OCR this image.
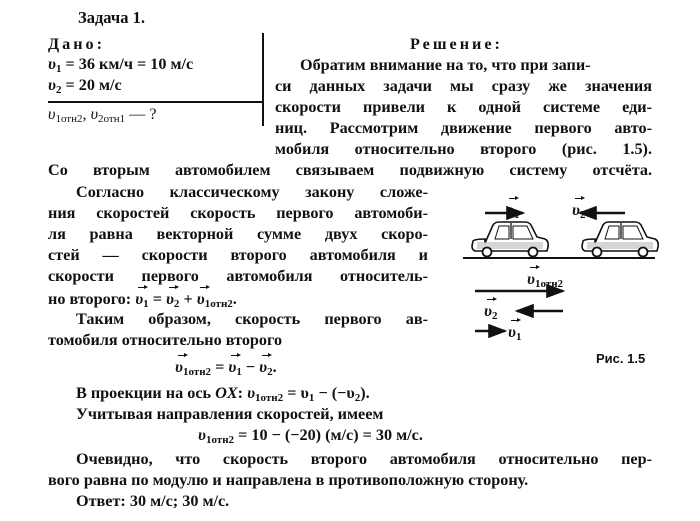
Задача 1.
Дано:
$\upsilon_1 = 36$ км/ч = 10 м/с
$\upsilon_2 = 20$ м/с
$\upsilon_{1отн2}$, $\upsilon_{2отн1}$ — ?
Решение:
Обратим внимание на то, что при запи-
си данных задачи мы сразу же значения
скорости привели к одной системе еди-
ниц. Рассмотрим движение первого авто-
мобиля относительно второго (рис. 1.5).
Со вторым автомобилем связываем подвижную систему отсчёта.
Согласно классическому закону сложе-
ния скоростей скорость первого автомоби-
ля равна векторной сумме двух скоро-
стей — скорости второго автомобиля и
скорости первого автомобиля относитель-
но второго: $\upsilon_1 = \upsilon_2 + \upsilon_{1отн2}$.
Таким образом, скорость первого ав-
томобиля относительно второго
$\upsilon_{1отн2} = \upsilon_1 - \upsilon_2$.
В проекции на ось OX: $\upsilon_{1отн2} = \upsilon_1 - (-\upsilon_2)$.
Учитывая направления скоростей, имеем
$\upsilon_{1отн2} = 10 - (-20) (м/с) = 30$ м/с.
Очевидно, что скорость второго автомобиля относительно пер-
вого равна по модулю и направлена в противоположную сторону.
Ответ: 30 м/с; 30 м/с.
$\upsilon_1$	$\upsilon_2$
$\upsilon_{1отн2}$
$\upsilon_2$
$\upsilon_1$
Рис. 1.5
